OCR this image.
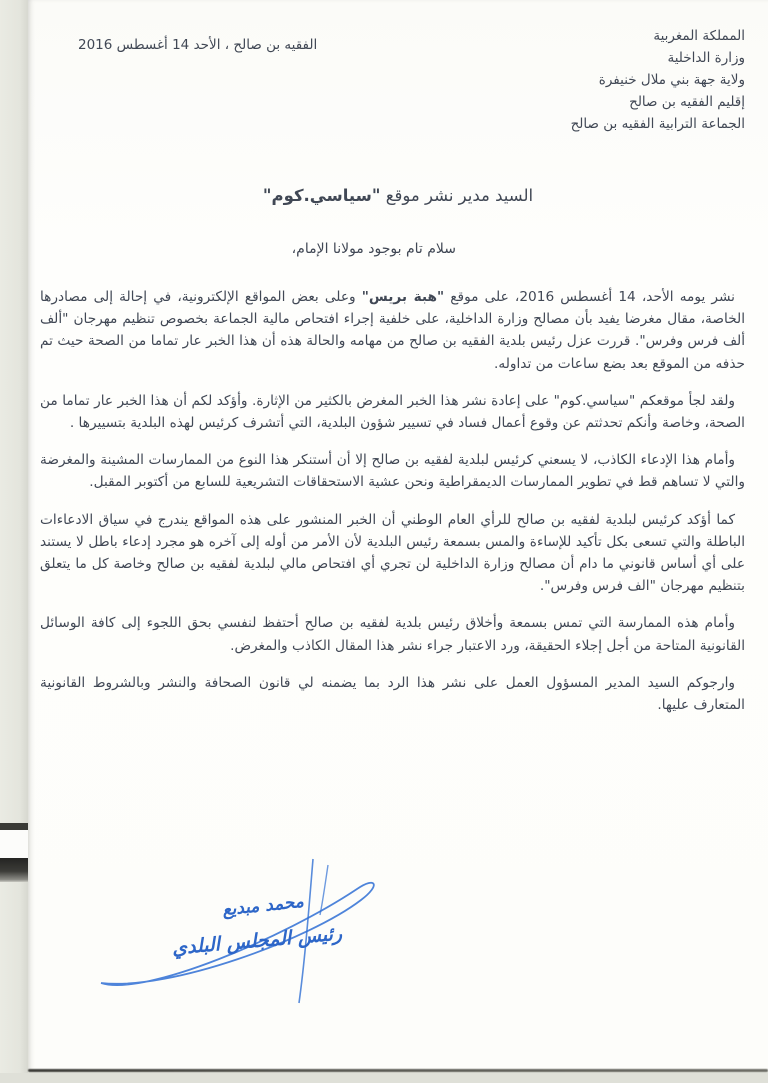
المملكة المغربية
وزارة الداخلية
ولاية جهة بني ملال خنيفرة
إقليم الفقيه بن صالح
الجماعة الترابية الفقيه بن صالح
الفقيه بن صالح ، الأحد 14 أغسطس 2016
السيد مدير نشر موقع "سياسي.كوم"
سلام تام بوجود مولانا الإمام،

نشر يومه الأحد، 14 أغسطس 2016، على موقع "هبة بريس" وعلى بعض المواقع الإلكترونية، في إحالة إلى مصادرها الخاصة، مقال مغرضا يفيد بأن مصالح وزارة الداخلية، على خلفية إجراء افتحاص مالية الجماعة بخصوص تنظيم مهرجان "ألف ألف فرس وفرس". قررت عزل رئيس بلدية الفقيه بن صالح من مهامه والحالة هذه أن هذا الخبر عار تماما من الصحة حيث تم حذفه من الموقع بعد بضع ساعات من تداوله.

ولقد لجأ موقعكم "سياسي.كوم" على إعادة نشر هذا الخبر المغرض بالكثير من الإثارة. وأؤكد لكم أن هذا الخبر عار تماما من الصحة، وخاصة وأنكم تحدثتم عن وقوع أعمال فساد في تسيير شؤون البلدية، التي أتشرف كرئيس لهذه البلدية بتسييرها .

وأمام هذا الإدعاء الكاذب، لا يسعني كرئيس لبلدية لفقيه بن صالح إلا أن أستنكر هذا النوع من الممارسات المشينة والمغرضة والتي لا تساهم قط في تطوير الممارسات الديمقراطية ونحن عشية الاستحقاقات التشريعية للسابع من أكتوبر المقبل.

كما أؤكد كرئيس لبلدية لفقيه بن صالح للرأي العام الوطني أن الخبر المنشور على هذه المواقع يندرج في سياق الادعاءات الباطلة والتي تسعى بكل تأكيد للإساءة والمس بسمعة رئيس البلدية لأن الأمر من أوله إلى آخره هو مجرد إدعاء باطل لا يستند على أي أساس قانوني ما دام أن مصالح وزارة الداخلية لن تجري أي افتحاص مالي لبلدية لفقيه بن صالح وخاصة كل ما يتعلق بتنظيم مهرجان "الف فرس وفرس".

وأمام هذه الممارسة التي تمس بسمعة وأخلاق رئيس بلدية لفقيه بن صالح أحتفظ لنفسي بحق اللجوء إلى كافة الوسائل القانونية المتاحة من أجل إجلاء الحقيقة، ورد الاعتبار جراء نشر هذا المقال الكاذب والمغرض.

وارجوكم السيد المدير المسؤول العمل على نشر هذا الرد بما يضمنه لي قانون الصحافة والنشر وبالشروط القانونية المتعارف عليها.

محمد مبديع
رئيس المجلس البلدي
